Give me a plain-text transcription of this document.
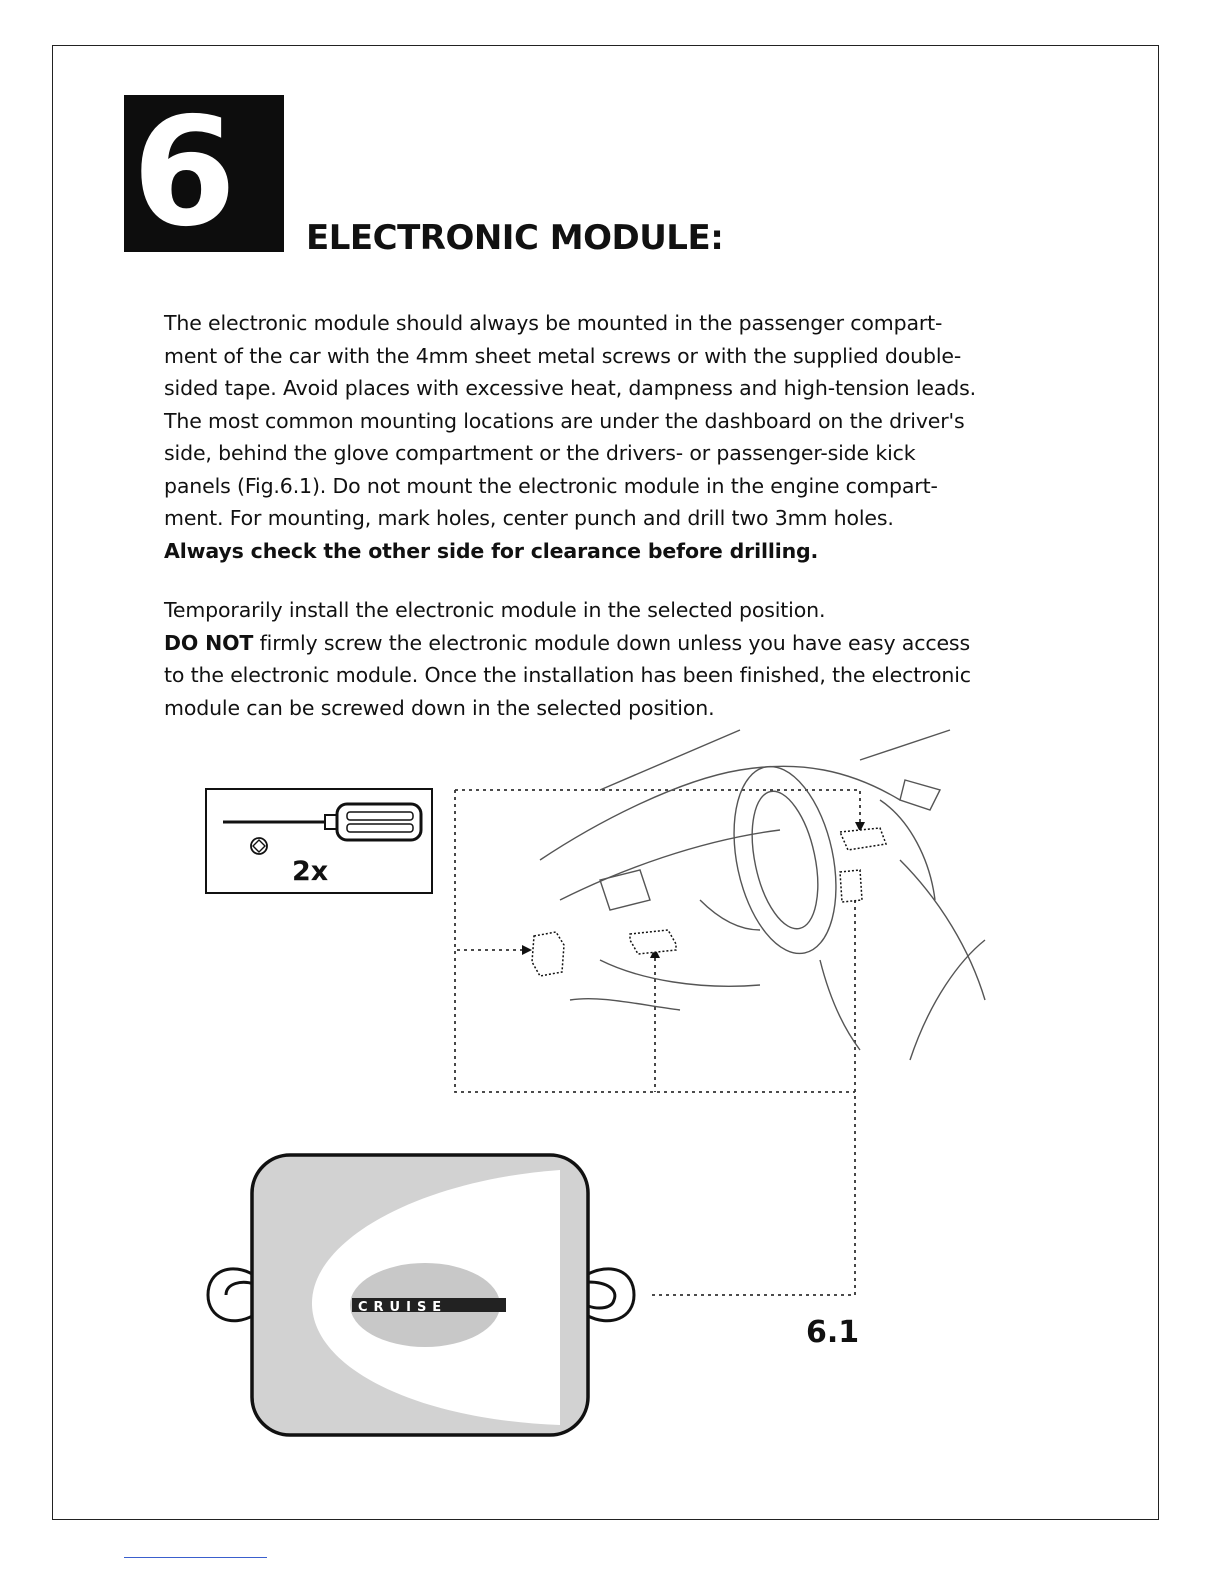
6	ELECTRONIC MODULE:
The electronic module should always be mounted in the passenger compart-
ment of the car with the 4mm sheet metal screws or with the supplied double-
sided tape. Avoid places with excessive heat, dampness and high-tension leads.
The most common mounting locations are under the dashboard on the driver's
side, behind the glove compartment or the drivers- or passenger-side kick
panels (Fig.6.1). Do not mount the electronic module in the engine compart-
ment. For mounting, mark holes, center punch and drill two 3mm holes.
Always check the other side for clearance before drilling.
Temporarily install the electronic module in the selected position.
DO NOT firmly screw the electronic module down unless you have easy access
to the electronic module. Once the installation has been finished, the electronic
module can be screwed down in the selected position.
2x
CRUISE
6.1
